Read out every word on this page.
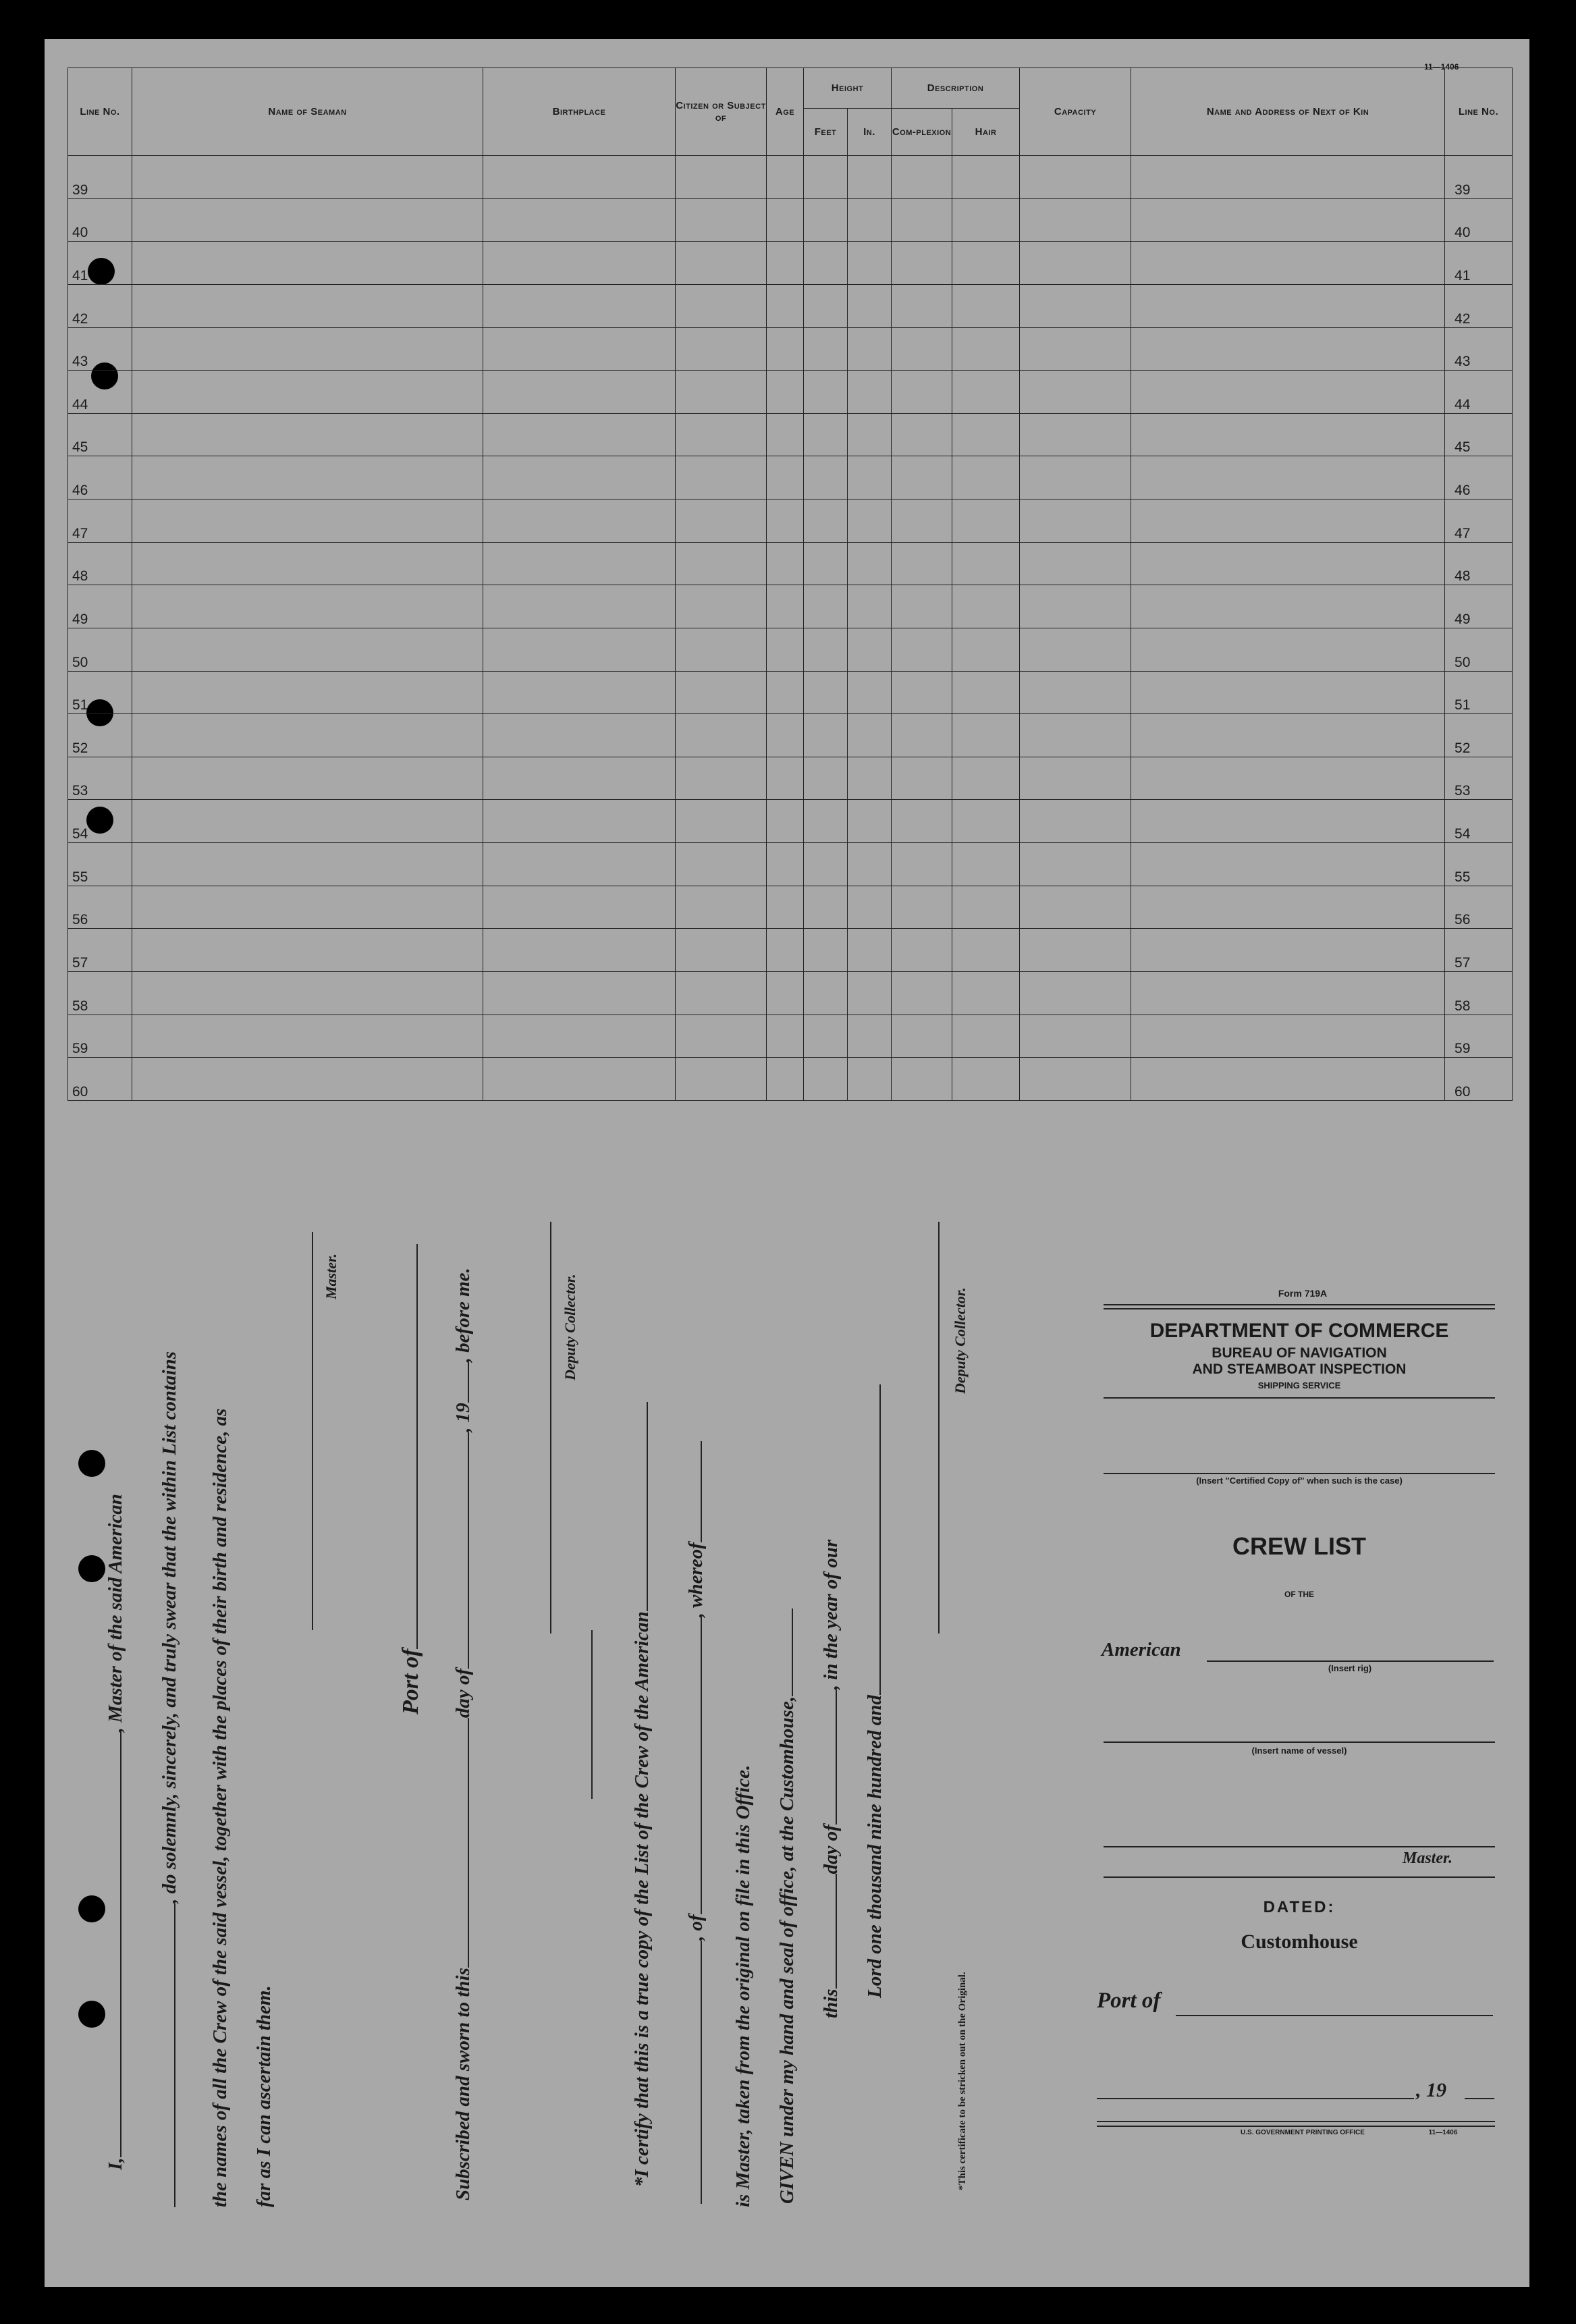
11—1406
Line No.	Name of Seaman	Birthplace	Citizen or Subject of	Age	Height		Description		Capacity	Name and Address of Next of Kin	Line No.
					Feet	In.	Com-plexion	Hair			
39											39
40											40
41											41
42											42
43											43
44											44
45											45
46											46
47											47
48											48
49											49
50											50
51											51
52											52
53											53
54											54
55											55
56											56
57											57
58											58
59											59
60											60
I,, Master of the said American , do solemnly, sincerely, and truly swear that the within List contains the names of all the Crew of the said vessel, together with the places of their birth and residence, as far as I can ascertain them.
Master.
Port of
Subscribed and sworn to thisday of, 19, before me.	Deputy Collector.
*I certify that this is a true copy of the List of the Crew of the American , of, whereof
is Master, taken from the original on file in this Office. GIVEN under my hand and seal of office, at the Customhouse, thisday of, in the year of our
Lord one thousand nine hundred and
Deputy Collector.
*This certificate to be stricken out on the Original.
Form 719A
DEPARTMENT OF COMMERCE
BUREAU OF NAVIGATION
AND STEAMBOAT INSPECTION
SHIPPING SERVICE
(Insert "Certified Copy of" when such is the case)
CREW LIST
OF THE
American
(Insert rig)
(Insert name of vessel)
Master.
DATED:
Customhouse
Port of
, 19
U.S. GOVERNMENT PRINTING OFFICE	11—1406
